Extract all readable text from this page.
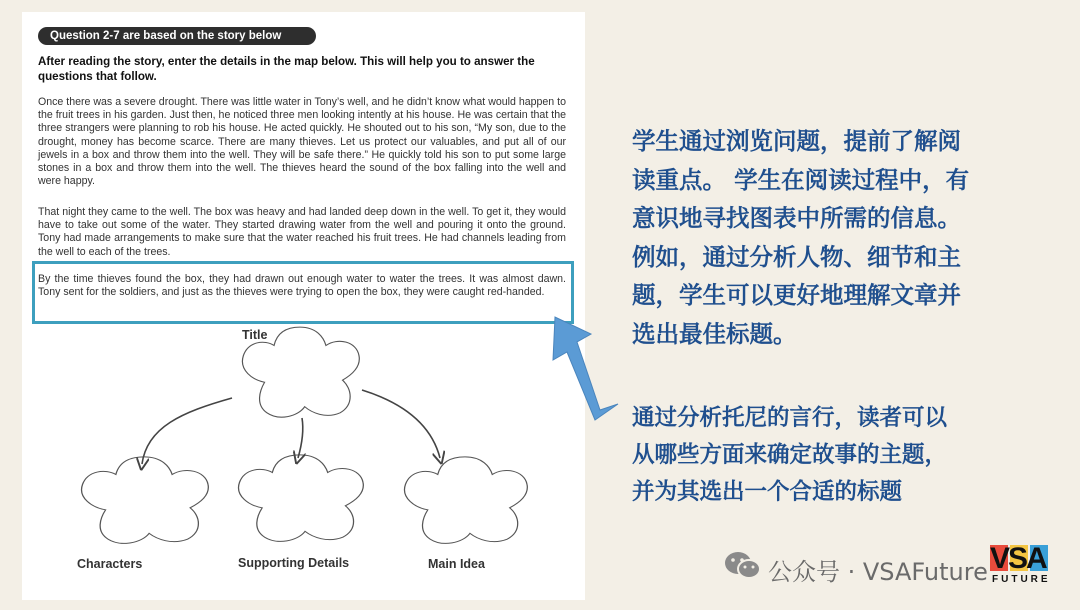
Question 2-7 are based on the story below
After reading the story, enter the details in the map below. This will help you to answer the questions that follow.
Once there was a severe drought. There was little water in Tony’s well, and he didn’t know what would happen to the fruit trees in his garden. Just then, he noticed three men looking intently at his house. He was certain that the three strangers were planning to rob his house. He acted quickly. He shouted out to his son, “My son, due to the drought, money has become scarce. There are many thieves. Let us protect our valuables, and put all of our jewels in a box and throw them into the well. They will be safe there.” He quickly told his son to put some large stones in a box and throw them into the well. The thieves heard the sound of the box falling into the well and were happy.
That night they came to the well. The box was heavy and had landed deep down in the well. To get it, they would have to take out some of the water. They started drawing water from the well and pouring it onto the ground. Tony had made arrangements to make sure that the water reached his fruit trees. He had channels leading from the well to each of the trees.
By the time thieves found the box, they had drawn out enough water to water the trees. It was almost dawn. Tony sent for the soldiers, and just as the thieves were trying to open the box, they were caught red-handed.
Title
Characters	Supporting Details	Main Idea
学生通过浏览问题，提前了解阅
读重点。 学生在阅读过程中，有
意识地寻找图表中所需的信息。
例如，通过分析人物、细节和主
题，学生可以更好地理解文章并
选出最佳标题。
通过分析托尼的言行，读者可以
从哪些方面来确定故事的主题，
并为其选出一个合适的标题
公众号 · VSAFuture VSA
FUTURE
